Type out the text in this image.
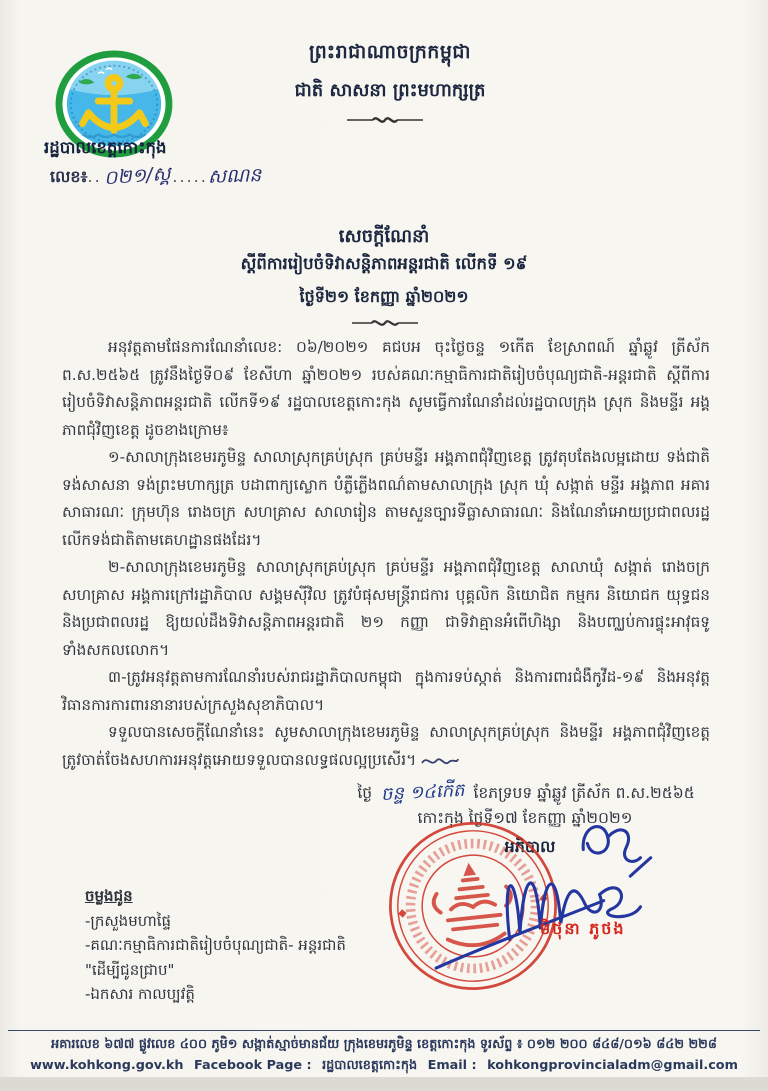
ព្រះរាជាណាចក្រកម្ពុជា
ជាតិ សាសនា ព្រះមហាក្សត្រ
រដ្ឋបាលខេត្តកោះកុង
លេខ៖..០២១/ស្គ.....សណន
សេចក្តីណែនាំ
ស្តីពីការរៀបចំទិវាសន្តិភាពអន្តរជាតិ លើកទី ១៩
ថ្ងៃទី២១ ខែកញ្ញា ឆ្នាំ២០២១

អនុវត្តតាមផែនការណែនាំលេខ: ០៦/២០២១ គជបអ ចុះថ្ងៃចន្ទ ១កើត ខែស្រាពណ៍ ឆ្នាំឆ្លូវ ត្រីស័ក ព.ស.២៥៦៥ ត្រូវនឹងថ្ងៃទី០៩ ខែសីហា ឆ្នាំ២០២១ របស់គណៈកម្មាធិការជាតិរៀបចំបុណ្យជាតិ-អន្តរជាតិ ស្តីពីការរៀបចំទិវាសន្តិភាពអន្តរជាតិ លើកទី១៩ រដ្ឋបាលខេត្តកោះកុង សូមធ្វើការណែនាំដល់រដ្ឋបាលក្រុង ស្រុក និងមន្ទីរ អង្គភាពជុំវិញខេត្ត ដូចខាងក្រោម៖

១-សាលាក្រុងខេមរភូមិន្ទ សាលាស្រុកគ្រប់ស្រុក គ្រប់មន្ទីរ អង្គភាពជុំវិញខេត្ត ត្រូវតុបតែងលម្អដោយ ទង់ជាតិ ទង់សាសនា ទង់ព្រះមហាក្សត្រ បដាពាក្យស្លោក បំភ្លឺភ្លើងពណ៌តាមសាលាក្រុង ស្រុក ឃុំ សង្កាត់ មន្ទីរ អង្គភាព អគារសាធារណៈ ក្រុមហ៊ុន រោងចក្រ សហគ្រាស សាលារៀន តាមសួនច្បារទីធ្លាសាធារណៈ និងណែនាំអោយប្រជាពលរដ្ឋលើកទង់ជាតិតាមគេហដ្ឋានផងដែរ។

២-សាលាក្រុងខេមរភូមិន្ទ សាលាស្រុកគ្រប់ស្រុក គ្រប់មន្ទីរ អង្គភាពជុំវិញខេត្ត សាលាឃុំ សង្កាត់ រោងចក្រ សហគ្រាស អង្គការក្រៅរដ្ឋាភិបាល សង្គមស៊ីវិល ត្រូវបំផុសមន្ត្រីរាជការ បុគ្គលិក និយោជិត កម្មករ និយោជក យុទ្ធជន និងប្រជាពលរដ្ឋ ឱ្យយល់ដឹងទិវាសន្តិភាពអន្តរជាតិ ២១ កញ្ញា ជាទិវាគ្មានអំពើហិង្សា និងបញ្ឈប់ការផ្ទុះអាវុធទូទាំងសកលលោក។

៣-ត្រូវអនុវត្តតាមការណែនាំរបស់រាជរដ្ឋាភិបាលកម្ពុជា ក្នុងការទប់ស្កាត់ និងការពារជំងឺកូវីដ-១៩ និងអនុវត្តវិធានការការពារនានារបស់ក្រសួងសុខាភិបាល។

ទទួលបានសេចក្តីណែនាំនេះ សូមសាលាក្រុងខេមរភូមិន្ទ សាលាស្រុកគ្រប់ស្រុក និងមន្ទីរ អង្គភាពជុំវិញខេត្ត ត្រូវចាត់ចែងសហការអនុវត្តអោយទទួលបានលទ្ធផលល្អប្រសើរ។

ថ្ងៃ ចន្ទ ១៤កើត ខែភទ្របទ ឆ្នាំឆ្លូវ ត្រីស័ក ព.ស.២៥៦៥
កោះកុង ថ្ងៃទី១៧ ខែកញ្ញា ឆ្នាំ២០២១
អភិបាល
មិថុនា ភូថង

ចម្លងជូន

-ក្រសួងមហាផ្ទៃ

-គណៈកម្មាធិការជាតិរៀបចំបុណ្យជាតិ- អន្តរជាតិ

"ដើម្បីជូនជ្រាប"

-ឯកសារ កាលប្បវត្តិ

អគារលេខ ៦៧៧ ផ្លូវលេខ ៤០០ ភូមិ១ សង្កាត់ស្មាច់មានជ័យ ក្រុងខេមរភូមិន្ទ ខេត្តកោះកុង ទូរស័ព្ទ ៖ ០១២ ២០០ ៨៤៨/០១៦ ៨៤២ ២២៨
www.kohkong.gov.kh Facebook Page : រដ្ឋបាលខេត្តកោះកុង Email : kohkongprovincialadm@gmail.com
